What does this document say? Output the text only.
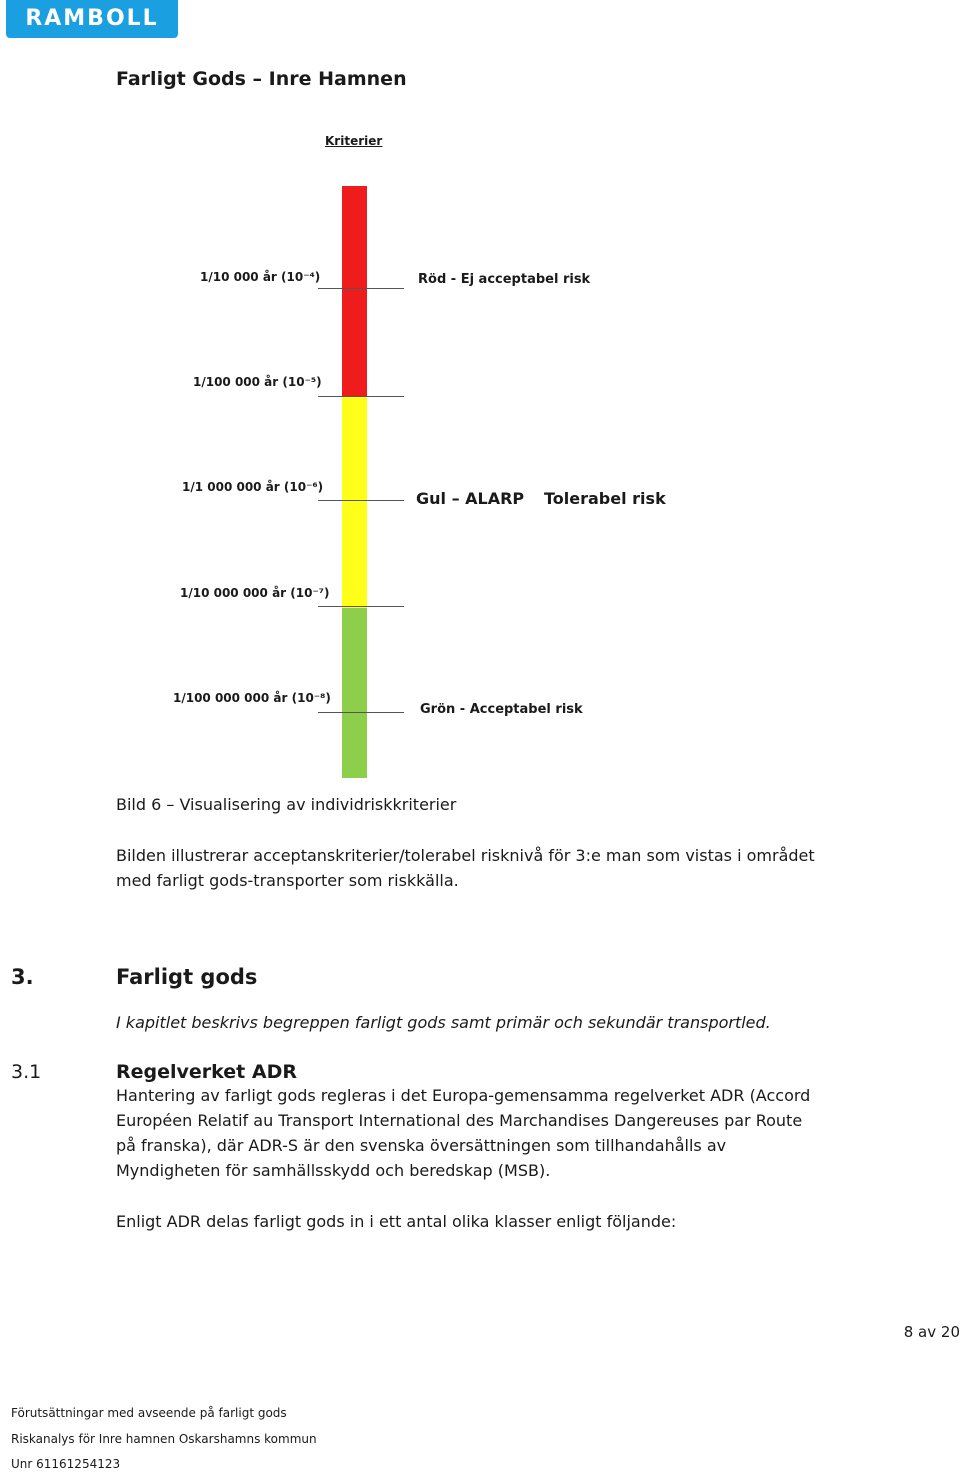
RAMBOLL
Farligt Gods – Inre Hamnen
Kriterier
1/10 000 år (10⁻⁴)
1/100 000 år (10⁻⁵)
1/1 000 000 år (10⁻⁶)
1/10 000 000 år (10⁻⁷)
1/100 000 000 år (10⁻⁸)
Röd - Ej acceptabel risk
Gul – ALARP Tolerabel risk
Grön - Acceptabel risk
Bild 6 – Visualisering av individriskkriterier
Bilden illustrerar acceptanskriterier/tolerabel risknivå för 3:e man som vistas i området med farligt gods-transporter som riskkälla.
3.	Farligt gods
I kapitlet beskrivs begreppen farligt gods samt primär och sekundär transportled.
3.1	Regelverket ADR
Hantering av farligt gods regleras i det Europa-gemensamma regelverket ADR (Accord Européen Relatif au Transport International des Marchandises Dangereuses par Route på franska), där ADR-S är den svenska översättningen som tillhandahålls av Myndigheten för samhällsskydd och beredskap (MSB).
Enligt ADR delas farligt gods in i ett antal olika klasser enligt följande:
8 av 20
Förutsättningar med avseende på farligt gods
Riskanalys för Inre hamnen Oskarshamns kommun
Unr 61161254123
